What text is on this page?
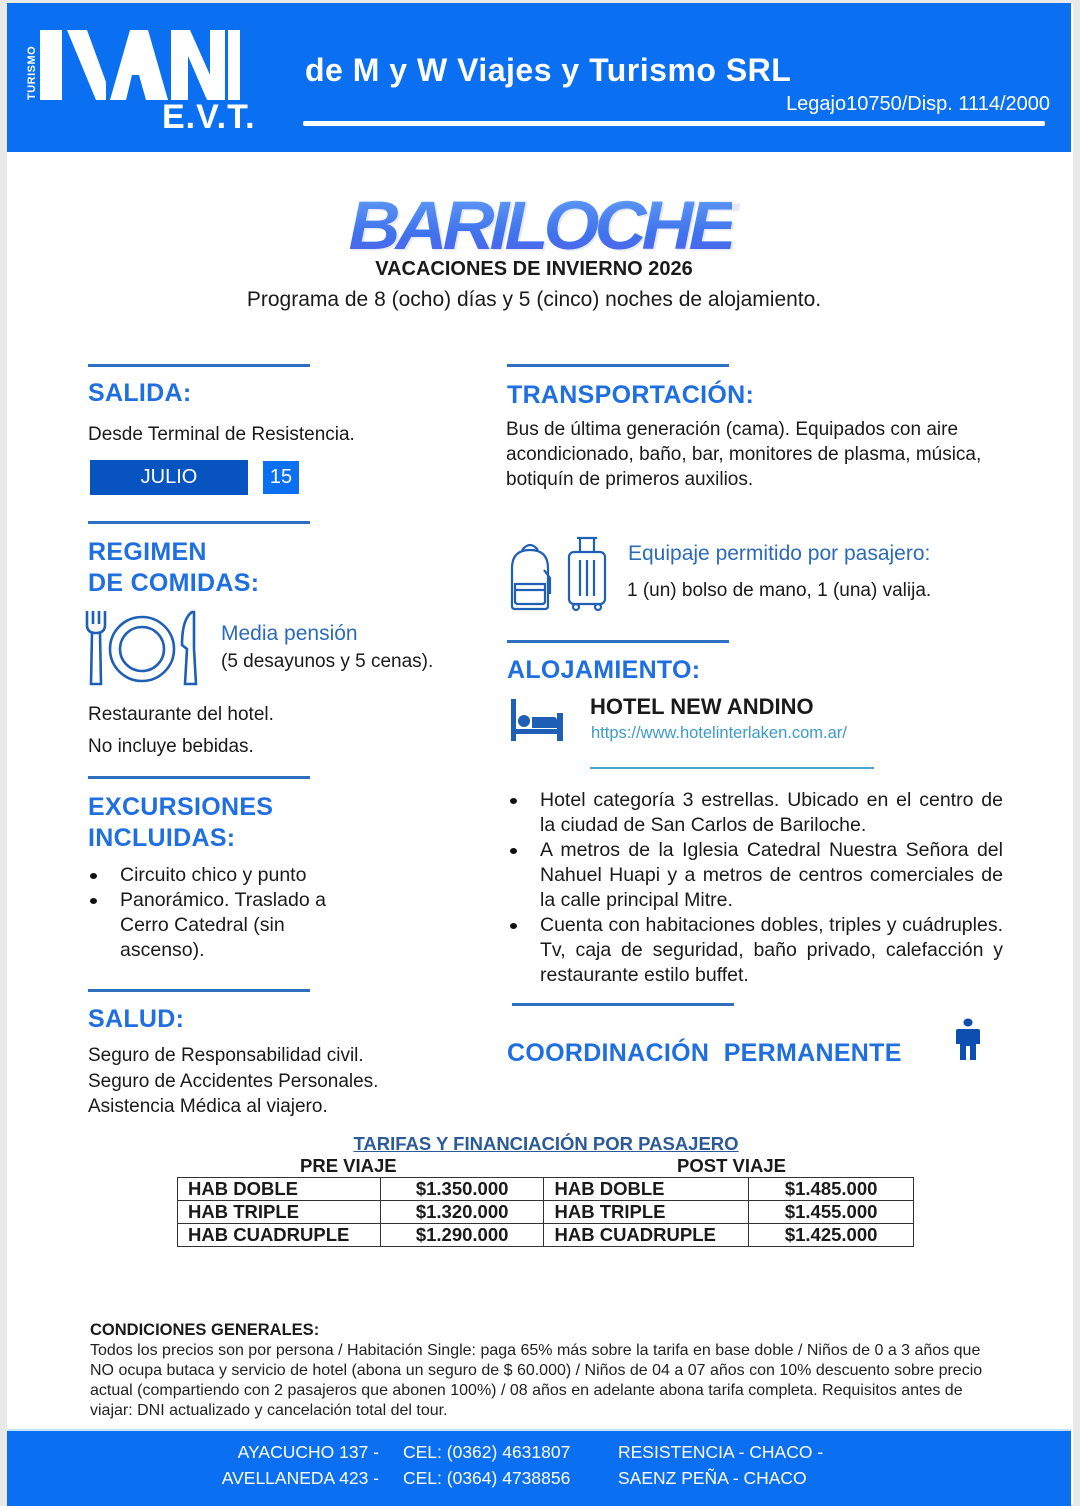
TURISMO
E.V.T.
de M y W Viajes y Turismo SRL
Legajo10750/Disp. 1114/2000
BARILOCHE
VACACIONES DE INVIERNO 2026
Programa de 8 (ocho) días y 5 (cinco) noches de alojamiento.
SALIDA:
Desde Terminal de Resistencia.
JULIO	15
REGIMEN
DE COMIDAS:
Media pensión
(5 desayunos y 5 cenas).
Restaurante del hotel.
No incluye bebidas.
EXCURSIONES
INCLUIDAS:
Circuito chico y punto
Panorámico. Traslado a Cerro Catedral (sin ascenso).
SALUD:
Seguro de Responsabilidad civil.
Seguro de Accidentes Personales.
Asistencia Médica al viajero.
TRANSPORTACIÓN:
Bus de última generación (cama). Equipados con aire acondicionado, baño, bar, monitores de plasma, música, botiquín de primeros auxilios.
Equipaje permitido por pasajero:
1 (un) bolso de mano, 1 (una) valija.
ALOJAMIENTO:
HOTEL NEW ANDINO
https://www.hotelinterlaken.com.ar/
Hotel categoría 3 estrellas. Ubicado en el centro de la ciudad de San Carlos de Bariloche.
A metros de la Iglesia Catedral Nuestra Señora del Nahuel Huapi y a metros de centros comerciales de la calle principal Mitre.
Cuenta con habitaciones dobles, triples y cuádruples. Tv, caja de seguridad, baño privado, calefacción y restaurante estilo buffet.
COORDINACIÓN  PERMANENTE
TARIFAS Y FINANCIACIÓN POR PASAJERO
PRE VIAJE	POST VIAJE
HAB DOBLE	$1.350.000	HAB DOBLE	$1.485.000
HAB TRIPLE	$1.320.000	HAB TRIPLE	$1.455.000
HAB CUADRUPLE	$1.290.000	HAB CUADRUPLE	$1.425.000
CONDICIONES GENERALES:
Todos los precios son por persona / Habitación Single: paga 65% más sobre la tarifa en base doble / Niños de 0 a 3 años que NO ocupa butaca y servicio de hotel (abona un seguro de $ 60.000) / Niños de 04 a 07 años con 10% descuento sobre precio actual (compartiendo con 2 pasajeros que abonen 100%) / 08 años en adelante abona tarifa completa. Requisitos antes de viajar: DNI actualizado y cancelación total del tour.
AYACUCHO 137 -
AVELLANEDA 423 -
CEL: (0362) 4631807
CEL: (0364) 4738856
RESISTENCIA - CHACO -
SAENZ PEÑA - CHACO
